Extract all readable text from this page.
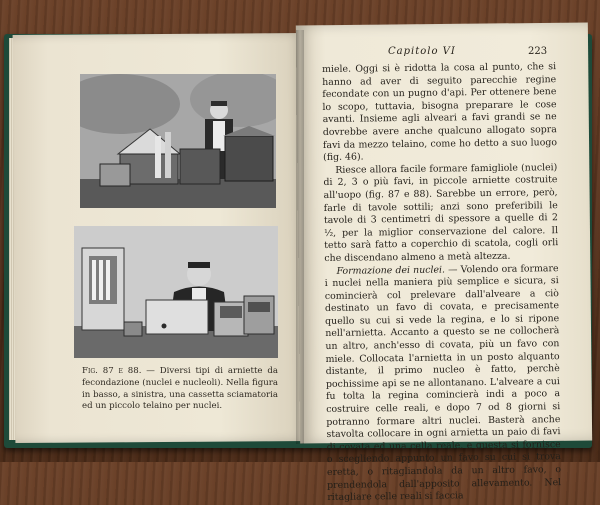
Fig. 87 e 88. — Diversi tipi di arniette da fecondazione (nuclei e nucleoli). Nella figura in basso, a sinistra, una cassetta sciamatoria ed un piccolo telaino per nuclei.
Capitolo VI	223

miele. Oggi si è ridotta la cosa al punto, che si hanno ad aver di seguito parecchie regine fecondate con un pugno d'api. Per ottenere bene lo scopo, tuttavia, bisogna preparare le cose avanti. Insieme agli alveari a favi grandi se ne dovrebbe avere anche qualcuno allogato sopra favi da mezzo telaino, come ho detto a suo luogo (fig. 46).

Riesce allora facile formare famigliole (nuclei) di 2, 3 o più favi, in piccole arniette costruite all'uopo (fig. 87 e 88). Sarebbe un errore, però, farle di tavole sottili; anzi sono preferibili le tavole di 3 centimetri di spessore a quelle di 2 ½, per la miglior conservazione del calore. Il tetto sarà fatto a coperchio di scatola, cogli orli che discendano almeno a metà altezza.

Formazione dei nuclei. — Volendo ora formare i nuclei nella maniera più semplice e sicura, si comincierà col prelevare dall'alveare a ciò destinato un favo di covata, e precisamente quello su cui si vede la regina, e lo si ripone nell'arnietta. Accanto a questo se ne collocherà un altro, anch'esso di covata, più un favo con miele. Collocata l'arnietta in un posto alquanto distante, il primo nucleo è fatto, perchè pochissime api se ne allontanano. L'alveare a cui fu tolta la regina comincierà indi a poco a costruire celle reali, e dopo 7 od 8 giorni si potranno formare altri nuclei. Basterà anche stavolta collocare in ogni arnietta un paio di favi di covata ed una cella reale, e questa si fornisce o scegliendo appunto un favo su cui si trova eretta, o ritagliandola da un altro favo, o prendendola dall'apposito allevamento. Nel ritagliare celle reali si faccia
